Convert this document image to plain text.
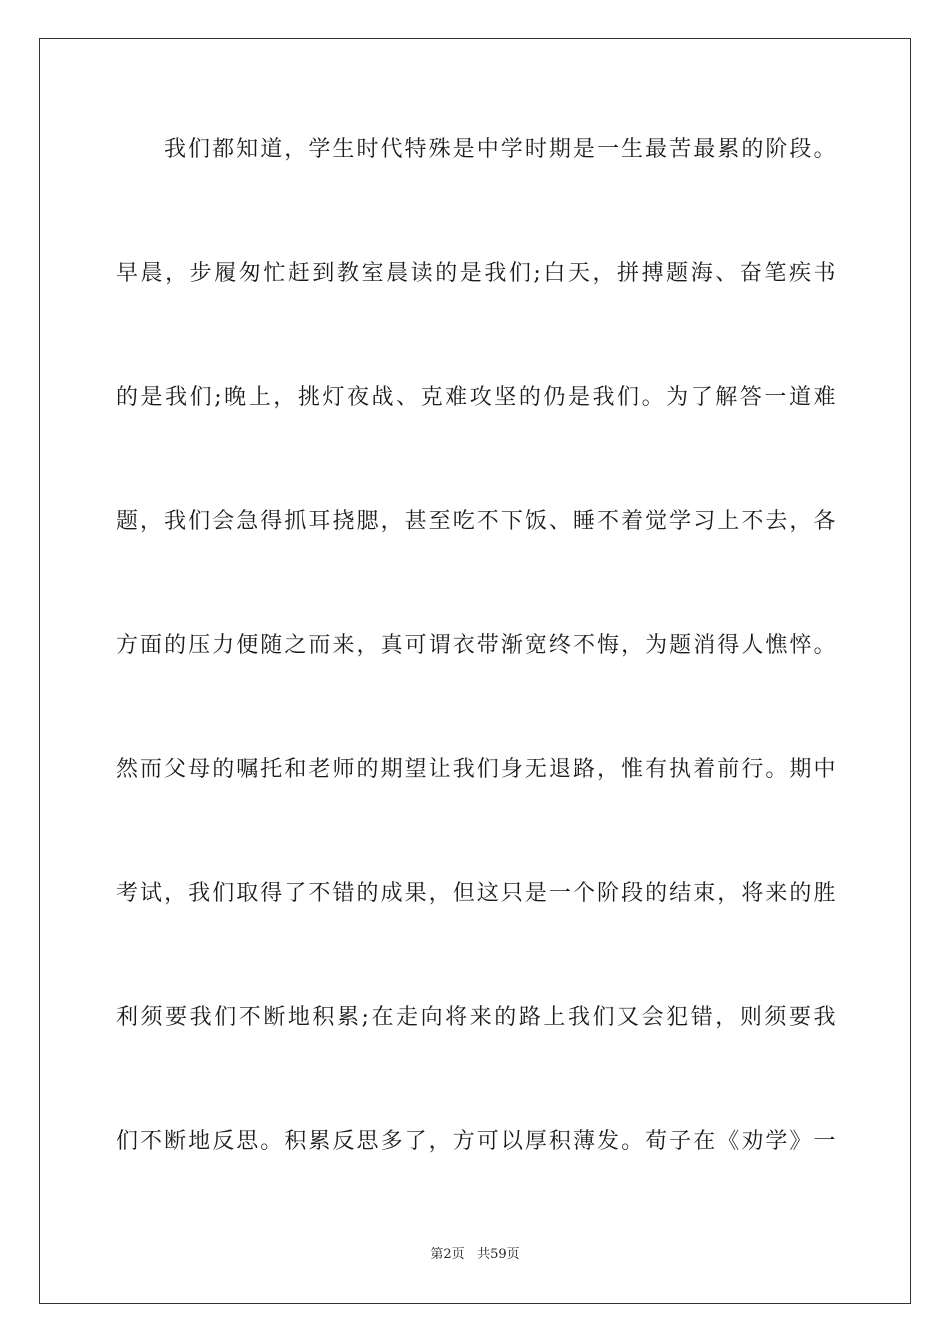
我们都知道，学生时代特殊是中学时期是一生最苦最累的阶段。
早晨，步履匆忙赶到教室晨读的是我们;白天，拼搏题海、奋笔疾书
的是我们;晚上，挑灯夜战、克难攻坚的仍是我们。为了解答一道难
题，我们会急得抓耳挠腮，甚至吃不下饭、睡不着觉学习上不去，各
方面的压力便随之而来，真可谓衣带渐宽终不悔，为题消得人憔悴。
然而父母的嘱托和老师的期望让我们身无退路，惟有执着前行。期中
考试，我们取得了不错的成果，但这只是一个阶段的结束，将来的胜
利须要我们不断地积累;在走向将来的路上我们又会犯错，则须要我
们不断地反思。积累反思多了，方可以厚积薄发。荀子在《劝学》一
第2页 共59页
